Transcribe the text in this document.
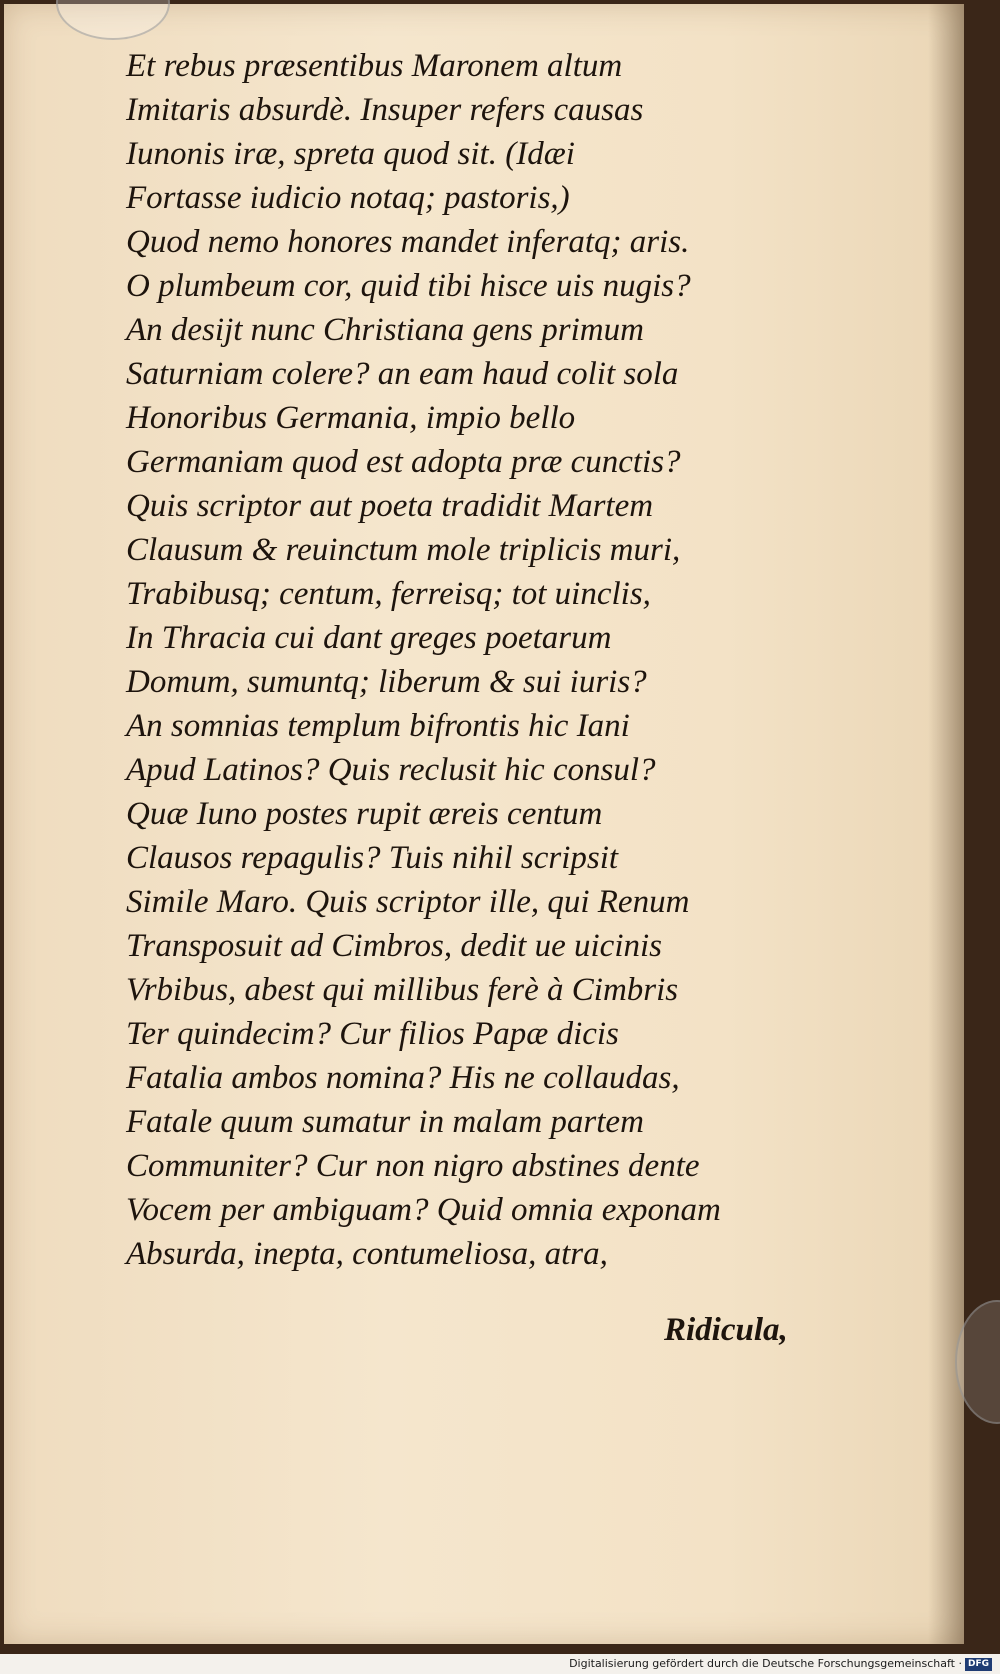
Et rebus præsentibus Maronem altum
Imitaris absurdè. Insuper refers causas
Iunonis iræ, spreta quod sit. (Idæi
Fortasse iudicio notaq; pastoris,)
Quod nemo honores mandet inferatq; aris.
O plumbeum cor, quid tibi hisce uis nugis?
An desijt nunc Christiana gens primum
Saturniam colere? an eam haud colit sola
Honoribus Germania, impio bello
Germaniam quod est adopta præ cunctis?
Quis scriptor aut poeta tradidit Martem
Clausum & reuinctum mole triplicis muri,
Trabibusq; centum, ferreisq; tot uinclis,
In Thracia cui dant greges poetarum
Domum, sumuntq; liberum & sui iuris?
An somnias templum bifrontis hic Iani
Apud Latinos? Quis reclusit hic consul?
Quæ Iuno postes rupit æreis centum
Clausos repagulis? Tuis nihil scripsit
Simile Maro. Quis scriptor ille, qui Renum
Transposuit ad Cimbros, dedit ue uicinis
Vrbibus, abest qui millibus ferè à Cimbris
Ter quindecim? Cur filios Papæ dicis
Fatalia ambos nomina? His ne collaudas,
Fatale quum sumatur in malam partem
Communiter? Cur non nigro abstines dente
Vocem per ambiguam? Quid omnia exponam
Absurda, inepta, contumeliosa, atra,
Ridicula,
Digitalisierung gefördert durch die Deutsche Forschungsgemeinschaft · DFG
